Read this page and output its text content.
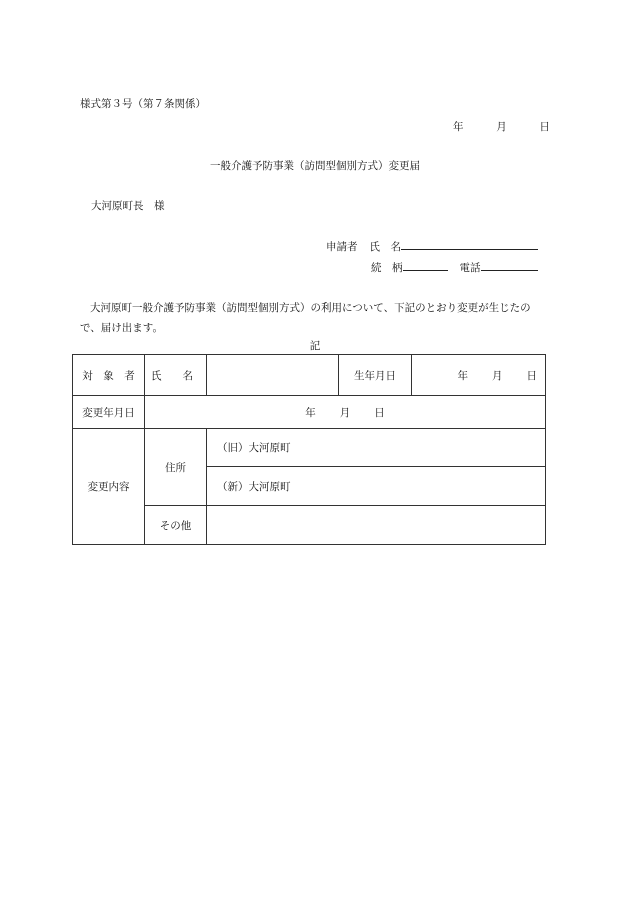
様式第３号（第７条関係）
年	月	日
一般介護予防事業（訪問型個別方式）変更届
大河原町長　様
申請者 氏　名
続　柄	電話
大河原町一般介護予防事業（訪問型個別方式）の利用について、下記のとおり変更が生じたので、届け出ます。
記
対　象　者	氏　　名		生年月日	年 月 日
変更年月日	年 月 日			
変更内容	住所	（旧）大河原町		
		（新）大河原町		
	その他			
